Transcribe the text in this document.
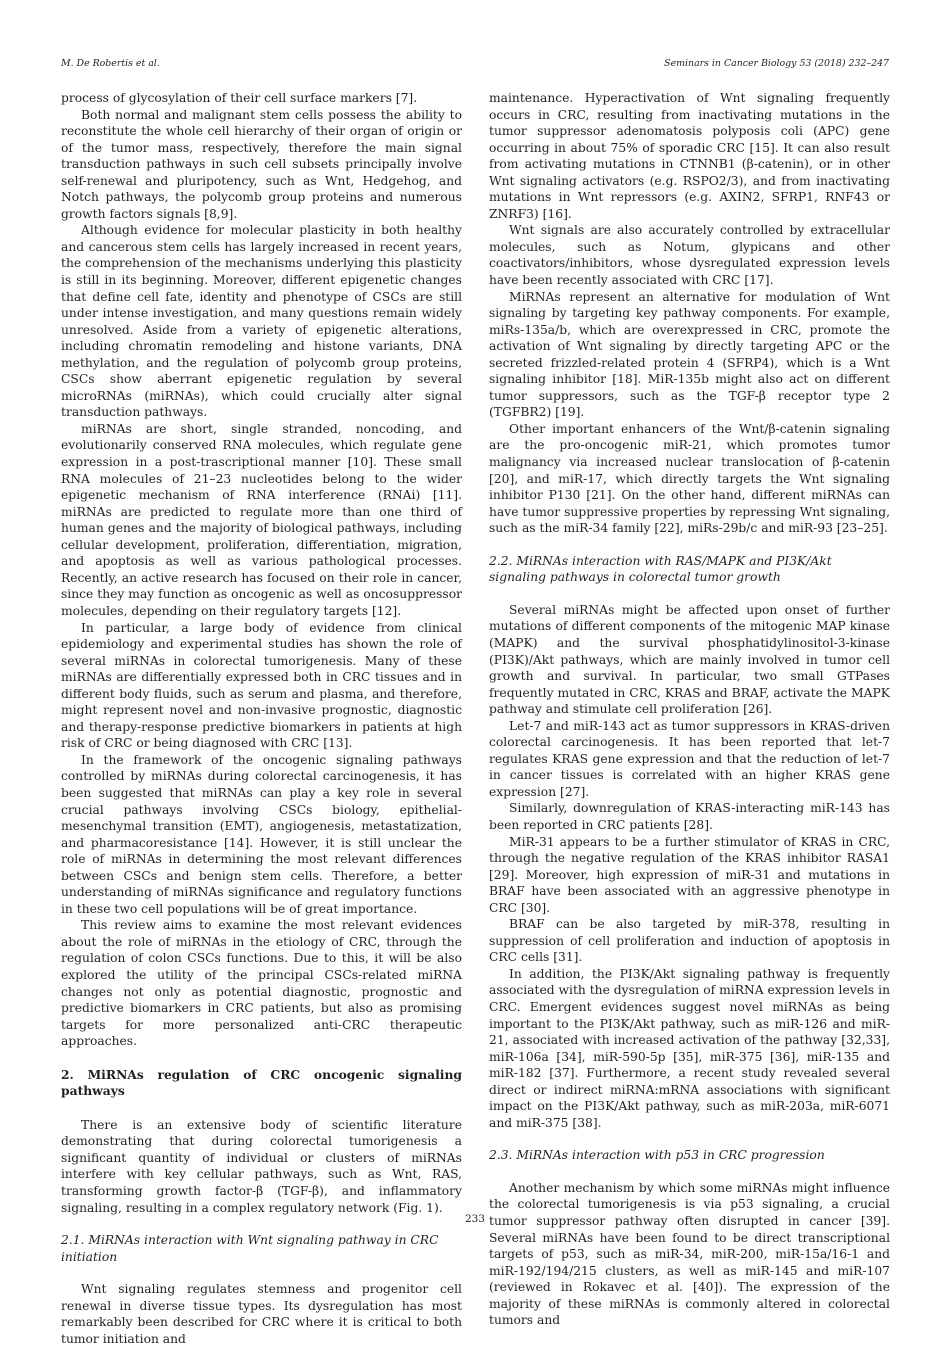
M. De Robertis et al.	Seminars in Cancer Biology 53 (2018) 232–247

process of glycosylation of their cell surface markers [7].

Both normal and malignant stem cells possess the ability to reconstitute the whole cell hierarchy of their organ of origin or of the tumor mass, respectively, therefore the main signal transduction pathways in such cell subsets principally involve self-renewal and pluripotency, such as Wnt, Hedgehog, and Notch pathways, the polycomb group proteins and numerous growth factors signals [8,9].

Although evidence for molecular plasticity in both healthy and cancerous stem cells has largely increased in recent years, the comprehension of the mechanisms underlying this plasticity is still in its beginning. Moreover, different epigenetic changes that define cell fate, identity and phenotype of CSCs are still under intense investigation, and many questions remain widely unresolved. Aside from a variety of epigenetic alterations, including chromatin remodeling and histone variants, DNA methylation, and the regulation of polycomb group proteins, CSCs show aberrant epigenetic regulation by several microRNAs (miRNAs), which could crucially alter signal transduction pathways.

miRNAs are short, single stranded, noncoding, and evolutionarily conserved RNA molecules, which regulate gene expression in a post-trascriptional manner [10]. These small RNA molecules of 21–23 nucleotides belong to the wider epigenetic mechanism of RNA interference (RNAi) [11]. miRNAs are predicted to regulate more than one third of human genes and the majority of biological pathways, including cellular development, proliferation, differentiation, migration, and apoptosis as well as various pathological processes. Recently, an active research has focused on their role in cancer, since they may function as oncogenic as well as oncosuppressor molecules, depending on their regulatory targets [12].

In particular, a large body of evidence from clinical epidemiology and experimental studies has shown the role of several miRNAs in colorectal tumorigenesis. Many of these miRNAs are differentially expressed both in CRC tissues and in different body fluids, such as serum and plasma, and therefore, might represent novel and non-invasive prognostic, diagnostic and therapy-response predictive biomarkers in patients at high risk of CRC or being diagnosed with CRC [13].

In the framework of the oncogenic signaling pathways controlled by miRNAs during colorectal carcinogenesis, it has been suggested that miRNAs can play a key role in several crucial pathways involving CSCs biology, epithelial-mesenchymal transition (EMT), angiogenesis, metastatization, and pharmacoresistance [14]. However, it is still unclear the role of miRNAs in determining the most relevant differences between CSCs and benign stem cells. Therefore, a better understanding of miRNAs significance and regulatory functions in these two cell populations will be of great importance.

This review aims to examine the most relevant evidences about the role of miRNAs in the etiology of CRC, through the regulation of colon CSCs functions. Due to this, it will be also explored the utility of the principal CSCs-related miRNA changes not only as potential diagnostic, prognostic and predictive biomarkers in CRC patients, but also as promising targets for more personalized anti-CRC therapeutic approaches.

2. MiRNAs regulation of CRC oncogenic signaling pathways

There is an extensive body of scientific literature demonstrating that during colorectal tumorigenesis a significant quantity of individual or clusters of miRNAs interfere with key cellular pathways, such as Wnt, RAS, transforming growth factor-β (TGF-β), and inflammatory signaling, resulting in a complex regulatory network (Fig. 1).

2.1. MiRNAs interaction with Wnt signaling pathway in CRC initiation

Wnt signaling regulates stemness and progenitor cell renewal in diverse tissue types. Its dysregulation has most remarkably been described for CRC where it is critical to both tumor initiation and

maintenance. Hyperactivation of Wnt signaling frequently occurs in CRC, resulting from inactivating mutations in the tumor suppressor adenomatosis polyposis coli (APC) gene occurring in about 75% of sporadic CRC [15]. It can also result from activating mutations in CTNNB1 (β-catenin), or in other Wnt signaling activators (e.g. RSPO2/3), and from inactivating mutations in Wnt repressors (e.g. AXIN2, SFRP1, RNF43 or ZNRF3) [16].

Wnt signals are also accurately controlled by extracellular molecules, such as Notum, glypicans and other coactivators/inhibitors, whose dysregulated expression levels have been recently associated with CRC [17].

MiRNAs represent an alternative for modulation of Wnt signaling by targeting key pathway components. For example, miRs-135a/b, which are overexpressed in CRC, promote the activation of Wnt signaling by directly targeting APC or the secreted frizzled-related protein 4 (SFRP4), which is a Wnt signaling inhibitor [18]. MiR-135b might also act on different tumor suppressors, such as the TGF-β receptor type 2 (TGFBR2) [19].

Other important enhancers of the Wnt/β-catenin signaling are the pro-oncogenic miR-21, which promotes tumor malignancy via increased nuclear translocation of β-catenin [20], and miR-17, which directly targets the Wnt signaling inhibitor P130 [21]. On the other hand, different miRNAs can have tumor suppressive properties by repressing Wnt signaling, such as the miR-34 family [22], miRs-29b/c and miR-93 [23–25].

2.2. MiRNAs interaction with RAS/MAPK and PI3K/Akt signaling pathways in colorectal tumor growth

Several miRNAs might be affected upon onset of further mutations of different components of the mitogenic MAP kinase (MAPK) and the survival phosphatidylinositol-3-kinase (PI3K)/Akt pathways, which are mainly involved in tumor cell growth and survival. In particular, two small GTPases frequently mutated in CRC, KRAS and BRAF, activate the MAPK pathway and stimulate cell proliferation [26].

Let-7 and miR-143 act as tumor suppressors in KRAS-driven colorectal carcinogenesis. It has been reported that let-7 regulates KRAS gene expression and that the reduction of let-7 in cancer tissues is correlated with an higher KRAS gene expression [27].

Similarly, downregulation of KRAS-interacting miR-143 has been reported in CRC patients [28].

MiR-31 appears to be a further stimulator of KRAS in CRC, through the negative regulation of the KRAS inhibitor RASA1 [29]. Moreover, high expression of miR-31 and mutations in BRAF have been associated with an aggressive phenotype in CRC [30].

BRAF can be also targeted by miR-378, resulting in suppression of cell proliferation and induction of apoptosis in CRC cells [31].

In addition, the PI3K/Akt signaling pathway is frequently associated with the dysregulation of miRNA expression levels in CRC. Emergent evidences suggest novel miRNAs as being important to the PI3K/Akt pathway, such as miR-126 and miR-21, associated with increased activation of the pathway [32,33], miR-106a [34], miR-590-5p [35], miR-375 [36], miR-135 and miR-182 [37]. Furthermore, a recent study revealed several direct or indirect miRNA:mRNA associations with significant impact on the PI3K/Akt pathway, such as miR-203a, miR-6071 and miR-375 [38].

2.3. MiRNAs interaction with p53 in CRC progression

Another mechanism by which some miRNAs might influence the colorectal tumorigenesis is via p53 signaling, a crucial tumor suppressor pathway often disrupted in cancer [39]. Several miRNAs have been found to be direct transcriptional targets of p53, such as miR-34, miR-200, miR-15a/16-1 and miR-192/194/215 clusters, as well as miR-145 and miR-107 (reviewed in Rokavec et al. [40]). The expression of the majority of these miRNAs is commonly altered in colorectal tumors and

233
